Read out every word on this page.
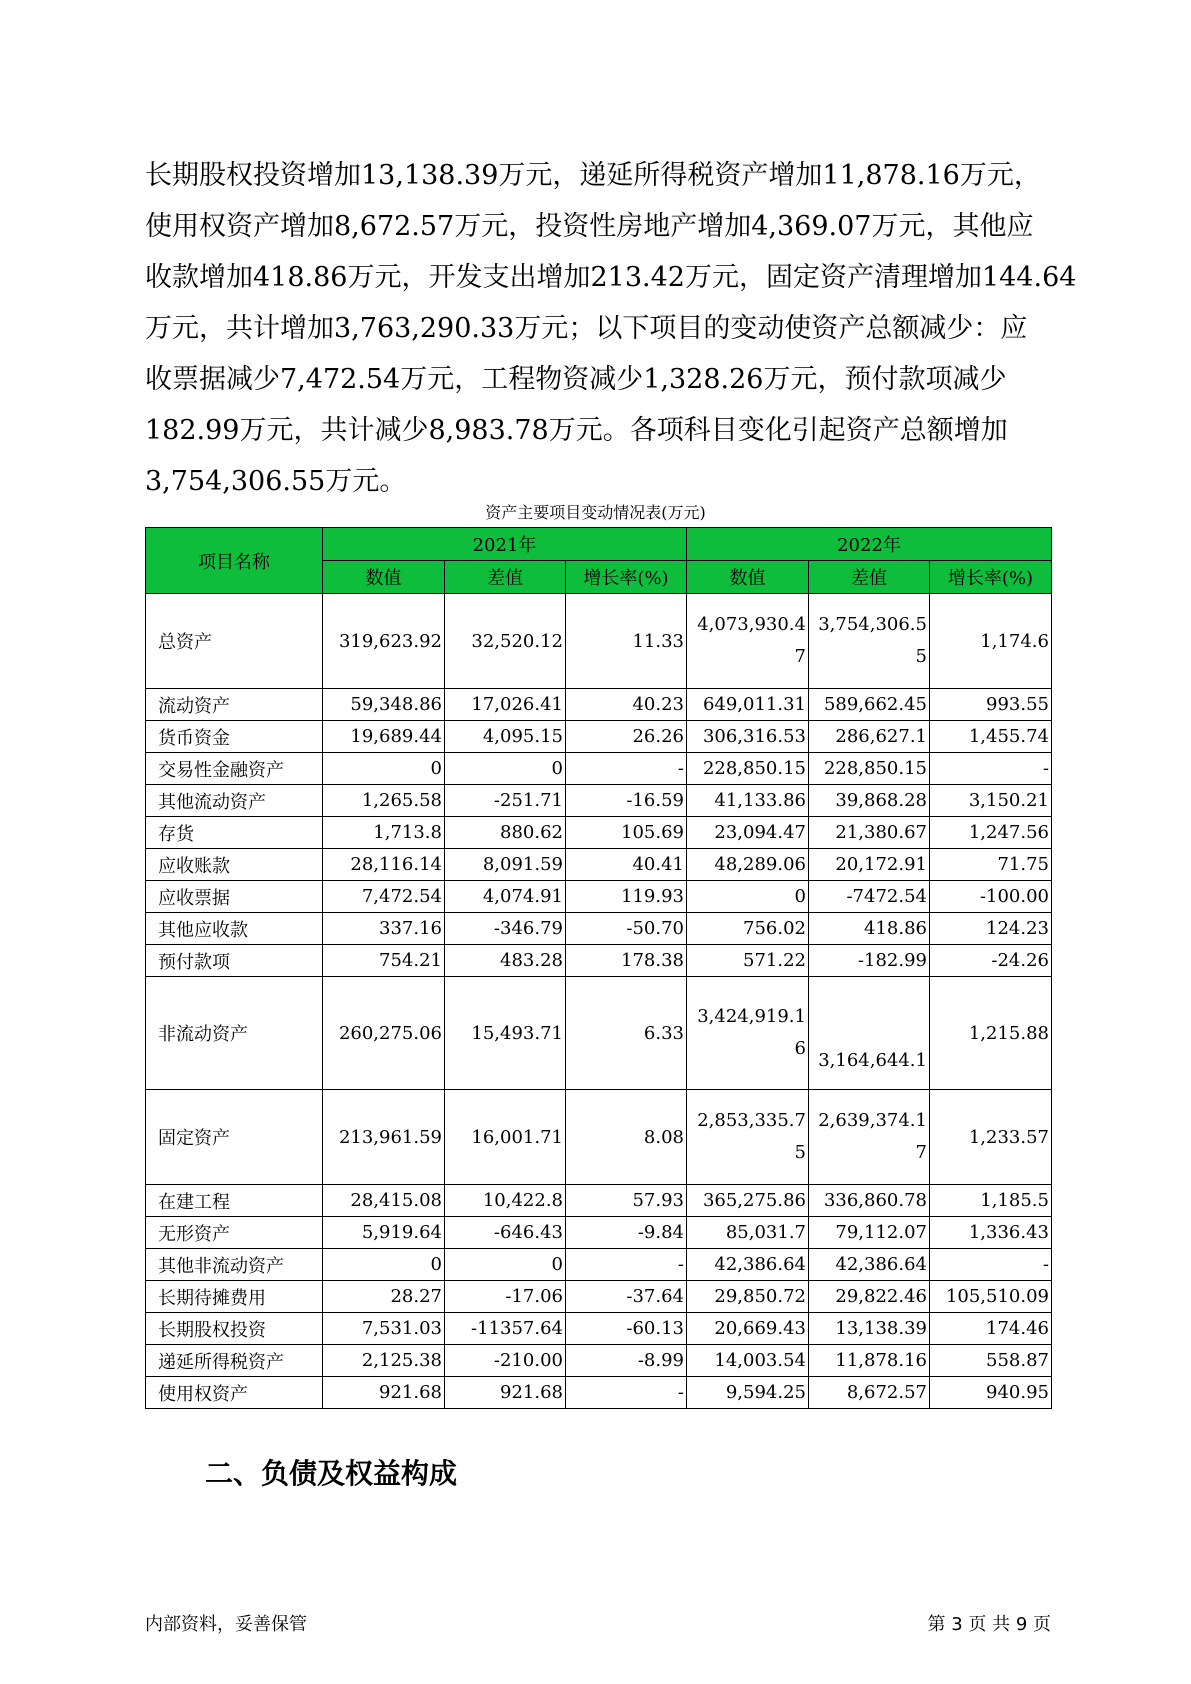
长期股权投资增加13,138.39万元，递延所得税资产增加11,878.16万元，
使用权资产增加8,672.57万元，投资性房地产增加4,369.07万元，其他应
收款增加418.86万元，开发支出增加213.42万元，固定资产清理增加144.64
万元，共计增加3,763,290.33万元；以下项目的变动使资产总额减少：应
收票据减少7,472.54万元，工程物资减少1,328.26万元，预付款项减少
182.99万元，共计减少8,983.78万元。各项科目变化引起资产总额增加
3,754,306.55万元。
资产主要项目变动情况表(万元)
项目名称	2021年			2022年		
	数值	差值	增长率(%)	数值	差值	增长率(%)
总资产	319,623.92	32,520.12	11.33	4,073,930.47	3,754,306.55	1,174.6
流动资产	59,348.86	17,026.41	40.23	649,011.31	589,662.45	993.55
货币资金	19,689.44	4,095.15	26.26	306,316.53	286,627.1	1,455.74
交易性金融资产	0	0	-	228,850.15	228,850.15	-
其他流动资产	1,265.58	-251.71	-16.59	41,133.86	39,868.28	3,150.21
存货	1,713.8	880.62	105.69	23,094.47	21,380.67	1,247.56
应收账款	28,116.14	8,091.59	40.41	48,289.06	20,172.91	71.75
应收票据	7,472.54	4,074.91	119.93	0	-7472.54	-100.00
其他应收款	337.16	-346.79	-50.70	756.02	418.86	124.23
预付款项	754.21	483.28	178.38	571.22	-182.99	-24.26
非流动资产	260,275.06	15,493.71	6.33	3,424,919.16	3,164,644.1	1,215.88
固定资产	213,961.59	16,001.71	8.08	2,853,335.75	2,639,374.17	1,233.57
在建工程	28,415.08	10,422.8	57.93	365,275.86	336,860.78	1,185.5
无形资产	5,919.64	-646.43	-9.84	85,031.7	79,112.07	1,336.43
其他非流动资产	0	0	-	42,386.64	42,386.64	-
长期待摊费用	28.27	-17.06	-37.64	29,850.72	29,822.46	105,510.09
长期股权投资	7,531.03	-11357.64	-60.13	20,669.43	13,138.39	174.46
递延所得税资产	2,125.38	-210.00	-8.99	14,003.54	11,878.16	558.87
使用权资产	921.68	921.68	-	9,594.25	8,672.57	940.95
二、负债及权益构成
内部资料，妥善保管	第 3 页 共 9 页
